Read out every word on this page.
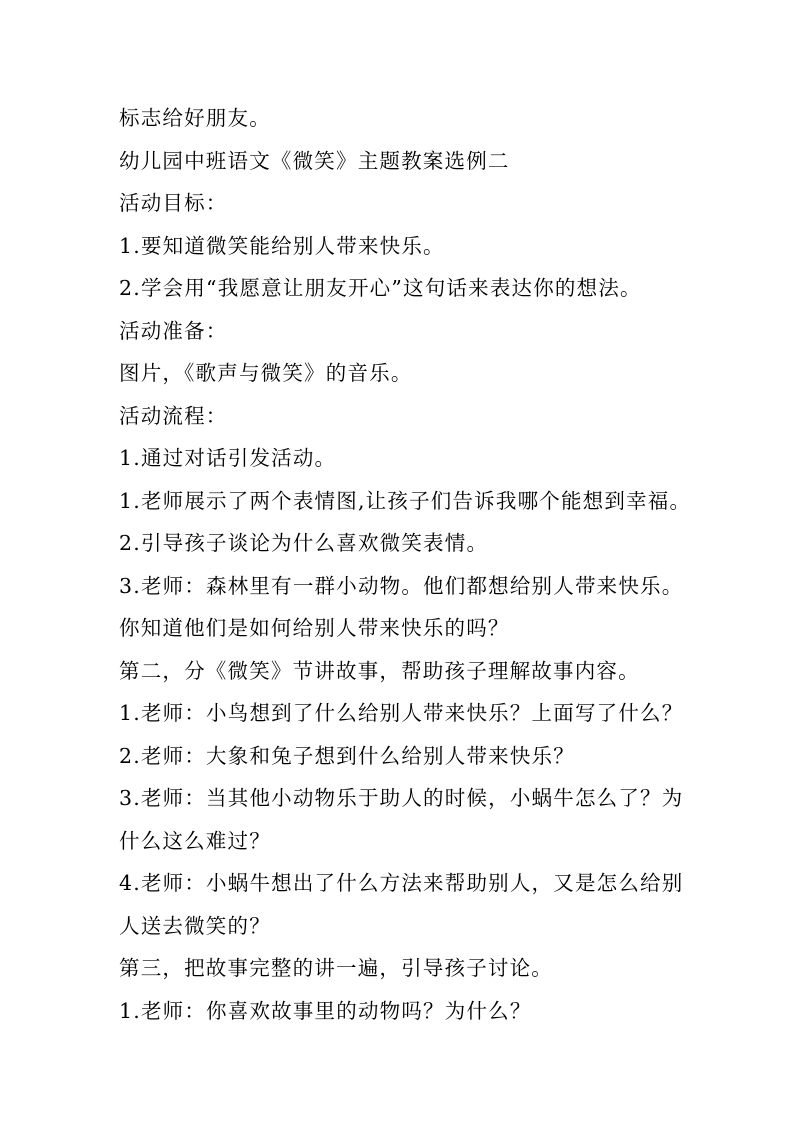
标志给好朋友。
幼儿园中班语文《微笑》主题教案选例二
活动目标：
1.要知道微笑能给别人带来快乐。
2.学会用“我愿意让朋友开心”这句话来表达你的想法。
活动准备：
图片，《歌声与微笑》的音乐。
活动流程：
1.通过对话引发活动。
1.老师展示了两个表情图,让孩子们告诉我哪个能想到幸福。
2.引导孩子谈论为什么喜欢微笑表情。
3.老师：森林里有一群小动物。他们都想给别人带来快乐。
你知道他们是如何给别人带来快乐的吗？
第二，分《微笑》节讲故事，帮助孩子理解故事内容。
1.老师：小鸟想到了什么给别人带来快乐？上面写了什么？
2.老师：大象和兔子想到什么给别人带来快乐？
3.老师：当其他小动物乐于助人的时候，小蜗牛怎么了？为
什么这么难过？
4.老师：小蜗牛想出了什么方法来帮助别人，又是怎么给别
人送去微笑的？
第三，把故事完整的讲一遍，引导孩子讨论。
1.老师：你喜欢故事里的动物吗？为什么？
